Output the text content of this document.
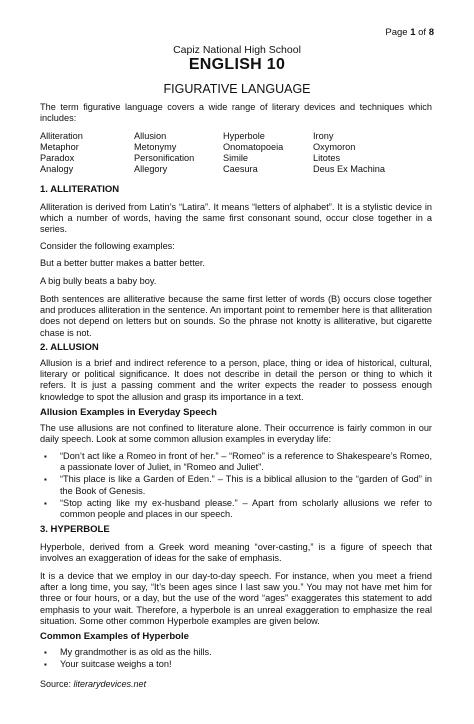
Page 1 of 8
Capiz National High School
ENGLISH 10
FIGURATIVE LANGUAGE
The term figurative language covers a wide range of literary devices and techniques which includes:
Alliteration	Allusion	Hyperbole	Irony
Metaphor	Metonymy	Onomatopoeia	Oxymoron
Paradox	Personification	Simile	Litotes
Analogy	Allegory	Caesura	Deus Ex Machina
1. ALLITERATION

Alliteration is derived from Latin’s “Latira”. It means “letters of alphabet”. It is a stylistic device in which a number of words, having the same first consonant sound, occur close together in a series.

Consider the following examples:

But a better butter makes a batter better.

A big bully beats a baby boy.

Both sentences are alliterative because the same first letter of words (B) occurs close together and produces alliteration in the sentence. An important point to remember here is that alliteration does not depend on letters but on sounds. So the phrase not knotty is alliterative, but cigarette chase is not.

2. ALLUSION

Allusion is a brief and indirect reference to a person, place, thing or idea of historical, cultural, literary or political significance. It does not describe in detail the person or thing to which it refers. It is just a passing comment and the writer expects the reader to possess enough knowledge to spot the allusion and grasp its importance in a text.

Allusion Examples in Everyday Speech

The use allusions are not confined to literature alone. Their occurrence is fairly common in our daily speech. Look at some common allusion examples in everyday life:

▪ “Don’t act like a Romeo in front of her.” – “Romeo” is a reference to Shakespeare’s Romeo, a passionate lover of Juliet, in “Romeo and Juliet”.
▪ “This place is like a Garden of Eden.” – This is a biblical allusion to the “garden of God” in the Book of Genesis.
▪ “Stop acting like my ex-husband please.” – Apart from scholarly allusions we refer to common people and places in our speech.
3. HYPERBOLE

Hyperbole, derived from a Greek word meaning “over-casting,” is a figure of speech that involves an exaggeration of ideas for the sake of emphasis.

It is a device that we employ in our day-to-day speech. For instance, when you meet a friend after a long time, you say, “It’s been ages since I last saw you.” You may not have met him for three or four hours, or a day, but the use of the word “ages” exaggerates this statement to add emphasis to your wait. Therefore, a hyperbole is an unreal exaggeration to emphasize the real situation. Some other common Hyperbole examples are given below.

Common Examples of Hyperbole
▪ My grandmother is as old as the hills.
▪ Your suitcase weighs a ton!
Source: literarydevices.net
